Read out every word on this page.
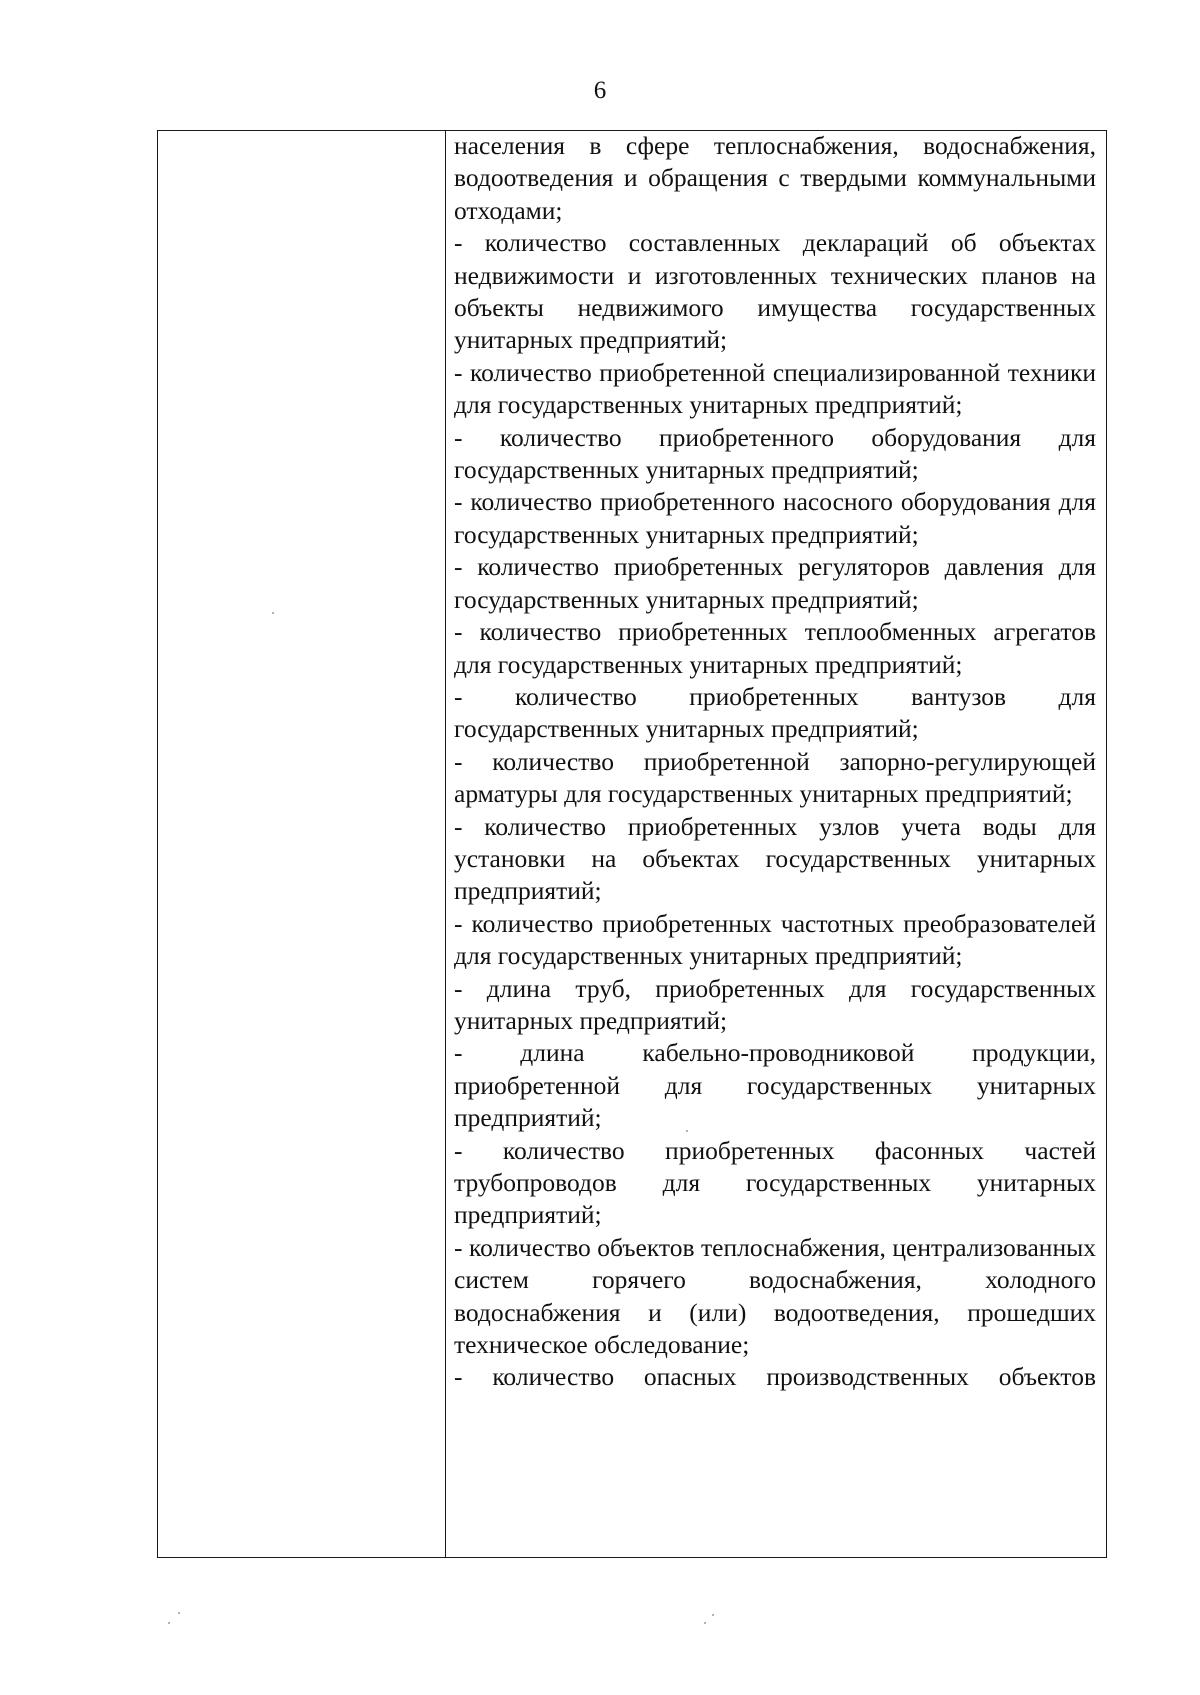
6

населения в сфере теплоснабжения, водоснабжения, водоотведения и обращения с твердыми коммунальными отходами;

- количество составленных деклараций об объектах недвижимости и изготовленных технических планов на объекты недвижимого имущества государственных унитарных предприятий;

- количество приобретенной специализированной техники для государственных унитарных предприятий;

- количество приобретенного оборудования для государственных унитарных предприятий;

- количество приобретенного насосного оборудования для государственных унитарных предприятий;

- количество приобретенных регуляторов давления для государственных унитарных предприятий;

- количество приобретенных теплообменных агрегатов для государственных унитарных предприятий;

- количество приобретенных вантузов для государственных унитарных предприятий;

- количество приобретенной запорно-регулирующей арматуры для государственных унитарных предприятий;

- количество приобретенных узлов учета воды для установки на объектах государственных унитарных предприятий;

- количество приобретенных частотных преобразователей для государственных унитарных предприятий;

- длина труб, приобретенных для государственных унитарных предприятий;

- длина кабельно-проводниковой продукции, приобретенной для государственных унитарных предприятий;

- количество приобретенных фасонных частей трубопроводов для государственных унитарных предприятий;

- количество объектов теплоснабжения, централизованных систем горячего водоснабжения, холодного водоснабжения и (или) водоотведения, прошедших техническое обследование;

- количество опасных производственных объектов
